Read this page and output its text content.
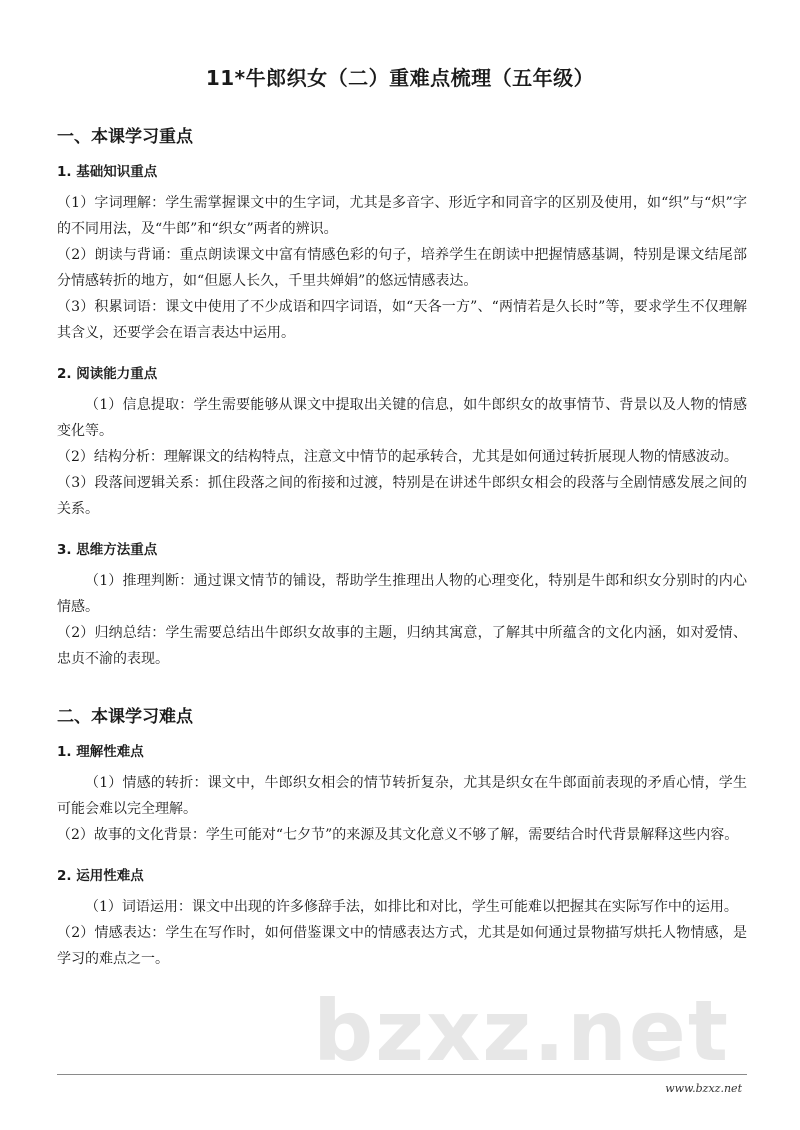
11*牛郎织女（二）重难点梳理（五年级）
一、本课学习重点
1. 基础知识重点

（1）字词理解：学生需掌握课文中的生字词，尤其是多音字、形近字和同音字的区别及使用，如“织”与“炽”字的不同用法，及“牛郎”和“织女”两者的辨识。

（2）朗读与背诵：重点朗读课文中富有情感色彩的句子，培养学生在朗读中把握情感基调，特别是课文结尾部分情感转折的地方，如“但愿人长久，千里共婵娟”的悠远情感表达。

（3）积累词语：课文中使用了不少成语和四字词语，如“天各一方”、“两情若是久长时”等，要求学生不仅理解其含义，还要学会在语言表达中运用。

2. 阅读能力重点

（1）信息提取：学生需要能够从课文中提取出关键的信息，如牛郎织女的故事情节、背景以及人物的情感变化等。

（2）结构分析：理解课文的结构特点，注意文中情节的起承转合，尤其是如何通过转折展现人物的情感波动。

（3）段落间逻辑关系：抓住段落之间的衔接和过渡，特别是在讲述牛郎织女相会的段落与全剧情感发展之间的关系。

3. 思维方法重点

（1）推理判断：通过课文情节的铺设，帮助学生推理出人物的心理变化，特别是牛郎和织女分别时的内心情感。

（2）归纳总结：学生需要总结出牛郎织女故事的主题，归纳其寓意，了解其中所蕴含的文化内涵，如对爱情、忠贞不渝的表现。

二、本课学习难点
1. 理解性难点

（1）情感的转折：课文中，牛郎织女相会的情节转折复杂，尤其是织女在牛郎面前表现的矛盾心情，学生可能会难以完全理解。

（2）故事的文化背景：学生可能对“七夕节”的来源及其文化意义不够了解，需要结合时代背景解释这些内容。

2. 运用性难点

（1）词语运用：课文中出现的许多修辞手法，如排比和对比，学生可能难以把握其在实际写作中的运用。

（2）情感表达：学生在写作时，如何借鉴课文中的情感表达方式，尤其是如何通过景物描写烘托人物情感，是学习的难点之一。

bzxz.net
www.bzxz.net
